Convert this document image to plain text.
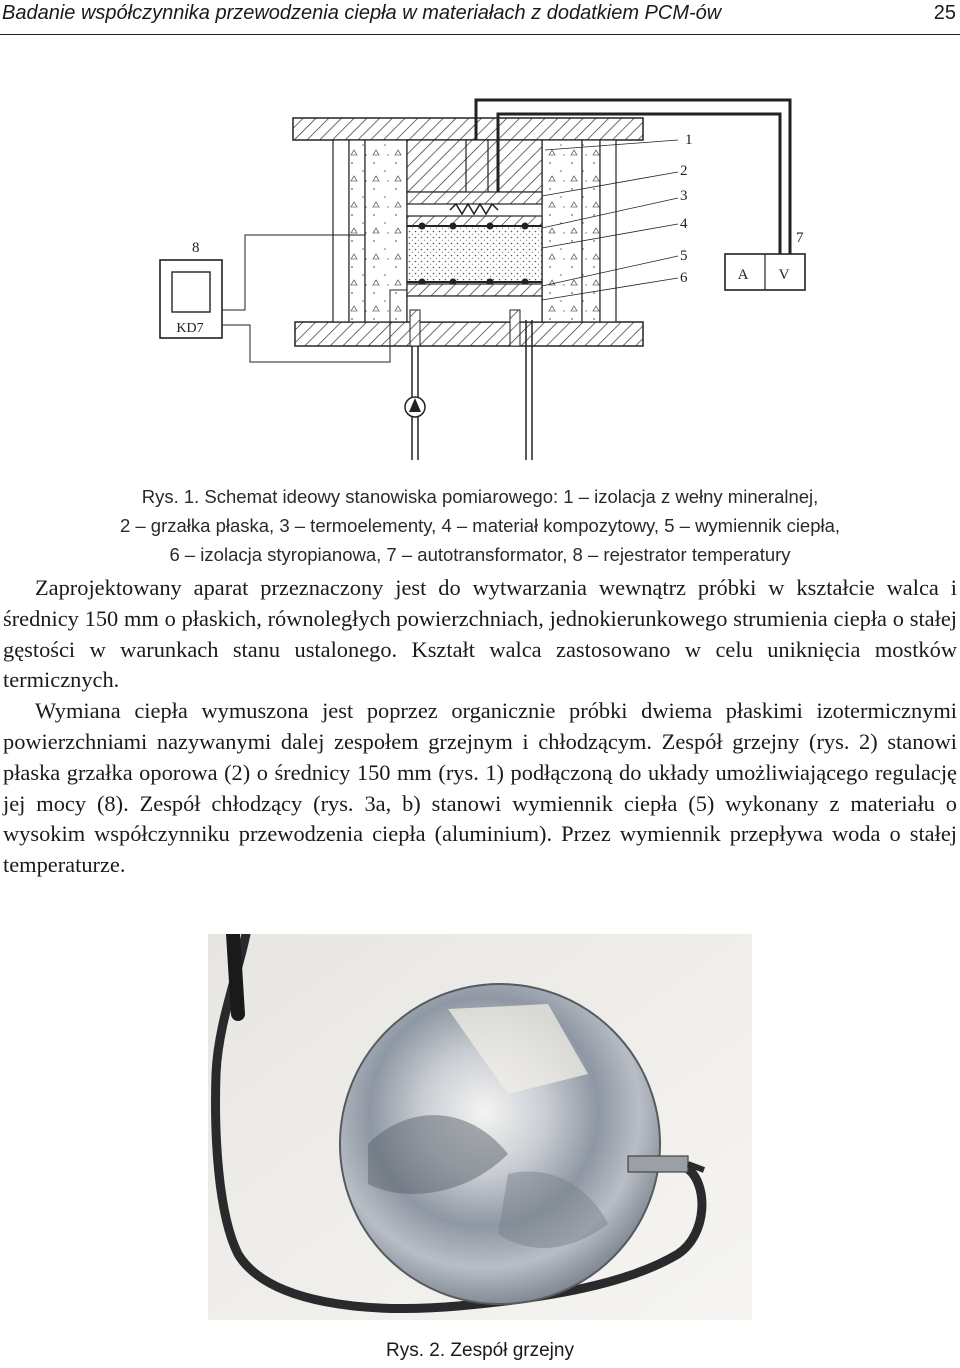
Badanie współczynnika przewodzenia ciepła w materiałach z dodatkiem PCM-ów	25
A V
KD7
1
2
3
4
5
6
7
8
Rys. 1. Schemat ideowy stanowiska pomiarowego: 1 – izolacja z wełny mineralnej,
2 – grzałka płaska, 3 – termoelementy, 4 – materiał kompozytowy, 5 – wymiennik ciepła,
6 – izolacja styropianowa, 7 – autotransformator, 8 – rejestrator temperatury

Zaprojektowany aparat przeznaczony jest do wytwarzania wewnątrz próbki w kształcie walca i średnicy 150 mm o płaskich, równoległych powierzchniach, jednokierunkowego strumienia ciepła o stałej gęstości w warunkach stanu ustalonego. Kształt walca zastosowano w celu uniknięcia mostków termicznych.

Wymiana ciepła wymuszona jest poprzez organicznie próbki dwiema płaskimi izotermicznymi powierzchniami nazywanymi dalej zespołem grzejnym i chłodzącym. Zespół grzejny (rys. 2) stanowi płaska grzałka oporowa (2) o średnicy 150 mm (rys. 1) podłączoną do układy umożliwiającego regulację jej mocy (8). Zespół chłodzący (rys. 3a, b) stanowi wymiennik ciepła (5) wykonany z materiału o wysokim współczynniku przewodzenia ciepła (aluminium). Przez wymiennik przepływa woda o stałej temperaturze.

Rys. 2. Zespół grzejny
